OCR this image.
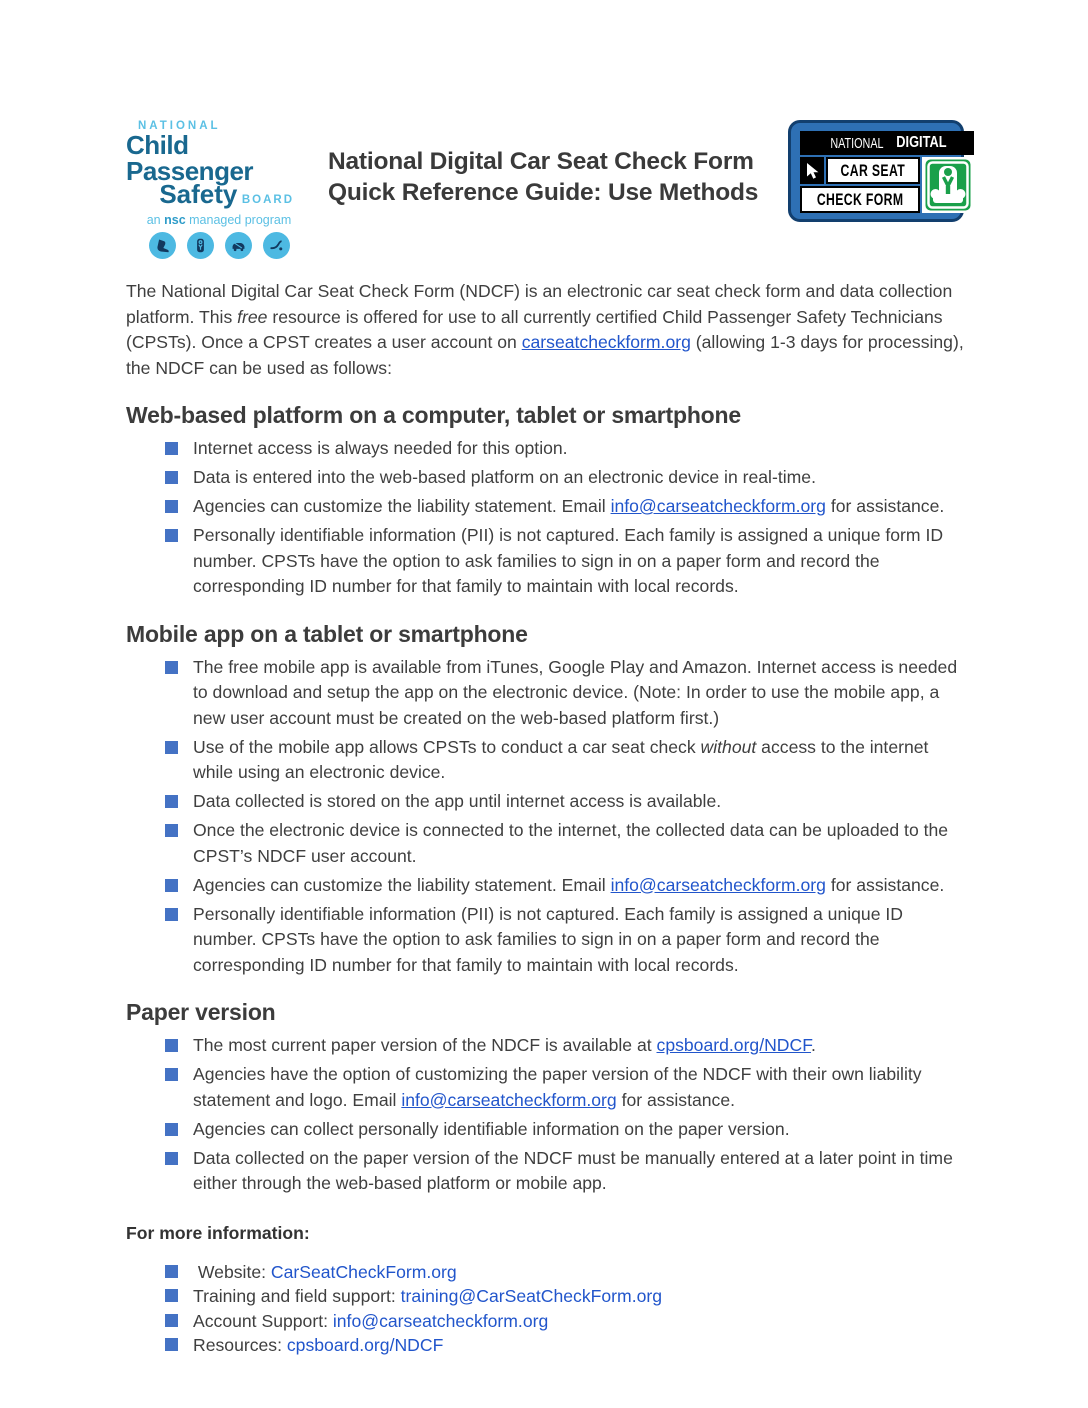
NATIONAL
Child Passenger
Safety BOARD
an nsc managed program
National Digital Car Seat Check Form
Quick Reference Guide: Use Methods
NATIONAL DIGITAL
CAR SEAT
CHECK FORM

The National Digital Car Seat Check Form (NDCF) is an electronic car seat check form and data collection platform. This free resource is offered for use to all currently certified Child Passenger Safety Technicians (CPSTs). Once a CPST creates a user account on carseatcheckform.org (allowing 1-3 days for processing), the NDCF can be used as follows:

Web-based platform on a computer, tablet or smartphone
Internet access is always needed for this option.
Data is entered into the web-based platform on an electronic device in real-time.
Agencies can customize the liability statement. Email info@carseatcheckform.org for assistance.
Personally identifiable information (PII) is not captured. Each family is assigned a unique form ID number. CPSTs have the option to ask families to sign in on a paper form and record the corresponding ID number for that family to maintain with local records.
Mobile app on a tablet or smartphone
The free mobile app is available from iTunes, Google Play and Amazon. Internet access is needed to download and setup the app on the electronic device. (Note: In order to use the mobile app, a new user account must be created on the web-based platform first.)
Use of the mobile app allows CPSTs to conduct a car seat check without access to the internet while using an electronic device.
Data collected is stored on the app until internet access is available.
Once the electronic device is connected to the internet, the collected data can be uploaded to the CPST’s NDCF user account.
Agencies can customize the liability statement. Email info@carseatcheckform.org for assistance.
Personally identifiable information (PII) is not captured. Each family is assigned a unique ID number. CPSTs have the option to ask families to sign in on a paper form and record the corresponding ID number for that family to maintain with local records.
Paper version
The most current paper version of the NDCF is available at cpsboard.org/NDCF.
Agencies have the option of customizing the paper version of the NDCF with their own liability statement and logo. Email info@carseatcheckform.org for assistance.
Agencies can collect personally identifiable information on the paper version.
Data collected on the paper version of the NDCF must be manually entered at a later point in time either through the web-based platform or mobile app.
For more information:
Website: CarSeatCheckForm.org
Training and field support: training@CarSeatCheckForm.org
Account Support: info@carseatcheckform.org
Resources: cpsboard.org/NDCF
